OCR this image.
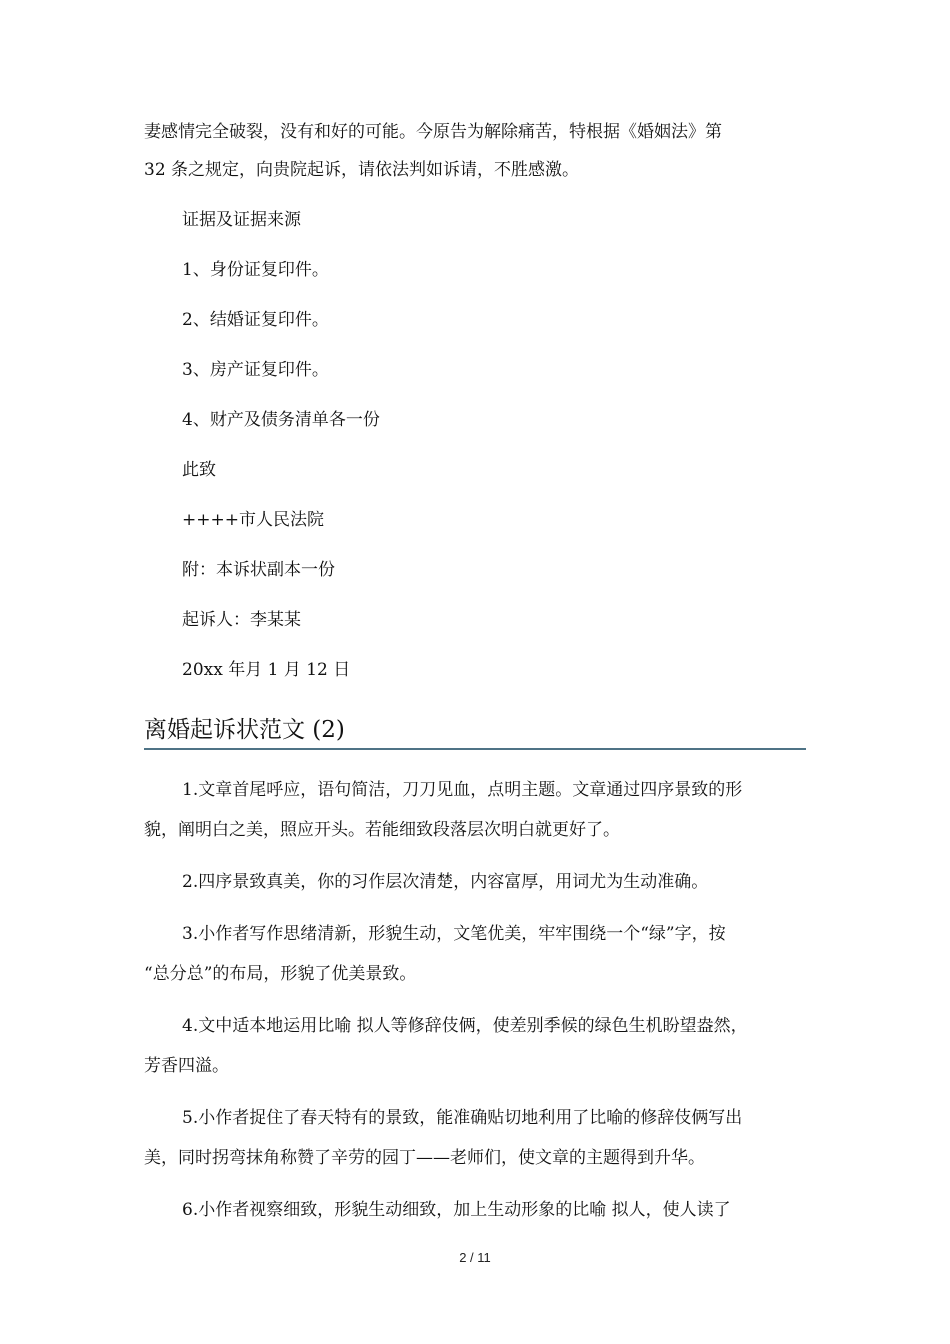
妻感情完全破裂，没有和好的可能。今原告为解除痛苦，特根据《婚姻法》第

32 条之规定，向贵院起诉，请依法判如诉请，不胜感激。

证据及证据来源

1、身份证复印件。

2、结婚证复印件。

3、房产证复印件。

4、财产及债务清单各一份

此致

++++市人民法院

附：本诉状副本一份

起诉人：李某某

20xx 年月 1 月 12 日

离婚起诉状范文 (2)
1.文章首尾呼应，语句简洁，刀刀见血，点明主题。文章通过四序景致的形
貌，阐明白之美，照应开头。若能细致段落层次明白就更好了。
2.四序景致真美，你的习作层次清楚，内容富厚，用词尤为生动准确。
3.小作者写作思绪清新，形貌生动，文笔优美，牢牢围绕一个“绿”字，按
“总分总”的布局，形貌了优美景致。
4.文中适本地运用比喻 拟人等修辞伎俩，使差别季候的绿色生机盼望盎然，
芳香四溢。
5.小作者捉住了春天特有的景致，能准确贴切地利用了比喻的修辞伎俩写出
美，同时拐弯抹角称赞了辛劳的园丁——老师们，使文章的主题得到升华。
6.小作者视察细致，形貌生动细致，加上生动形象的比喻 拟人，使人读了
2 / 11
